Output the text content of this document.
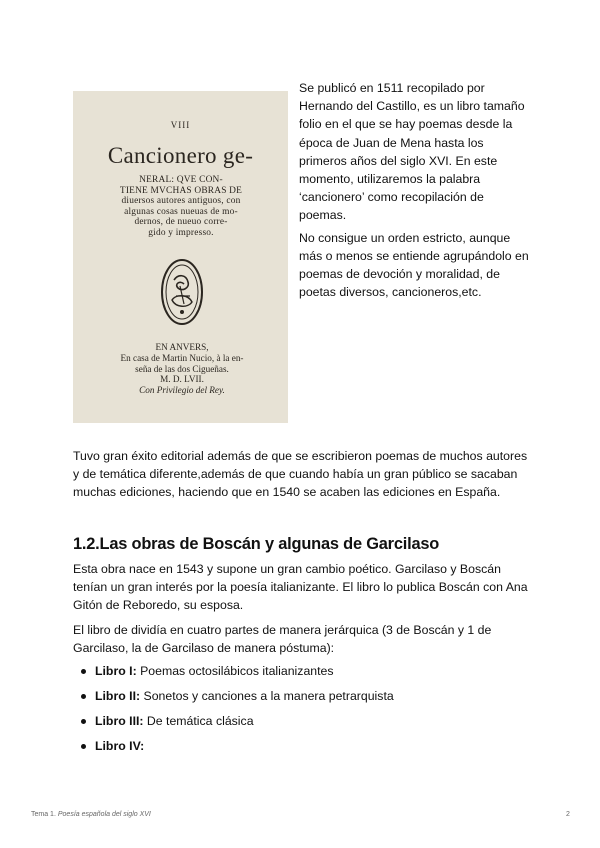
VIII
Cancionero ge-
NERAL: QVE CON-
TIENE MVCHAS OBRAS DE
diuersos autores antiguos, con
algunas cosas nueuas de mo-
dernos, de nueuo corre-
gido y impresso.
EN ANVERS,
En casa de Martin Nucio, à la en-
seña de las dos Cigueñas.
M. D. LVII.
Con Privilegio del Rey.

Se publicó en 1511 recopilado por Hernando del Castillo, es un libro tamaño folio en el que se hay poemas desde la época de Juan de Mena hasta los primeros años del siglo XVI. En este momento, utilizaremos la palabra ‘cancionero’ como recopilación de poemas.

No consigue un orden estricto, aunque más o menos se entiende agrupándolo en poemas de devoción y moralidad, de poetas diversos, cancioneros,etc.

Tuvo gran éxito editorial además de que se escribieron poemas de muchos autores y de temática diferente,además de que cuando había un gran público se sacaban muchas ediciones, haciendo que en 1540 se acaben las ediciones en España.

1.2.Las obras de Boscán y algunas de Garcilaso

Esta obra nace en 1543 y supone un gran cambio poético. Garcilaso y Boscán tenían un gran interés por la poesía italianizante. El libro lo publica Boscán con Ana Gitón de Reboredo, su esposa.

El libro de dividía en cuatro partes de manera jerárquica (3 de Boscán y 1 de Garcilaso, la de Garcilaso de manera póstuma):

Libro I: Poemas octosilábicos italianizantes
Libro II: Sonetos y canciones a la manera petrarquista
Libro III: De temática clásica
Libro IV:
Tema 1. Poesía española del siglo XVI	2
